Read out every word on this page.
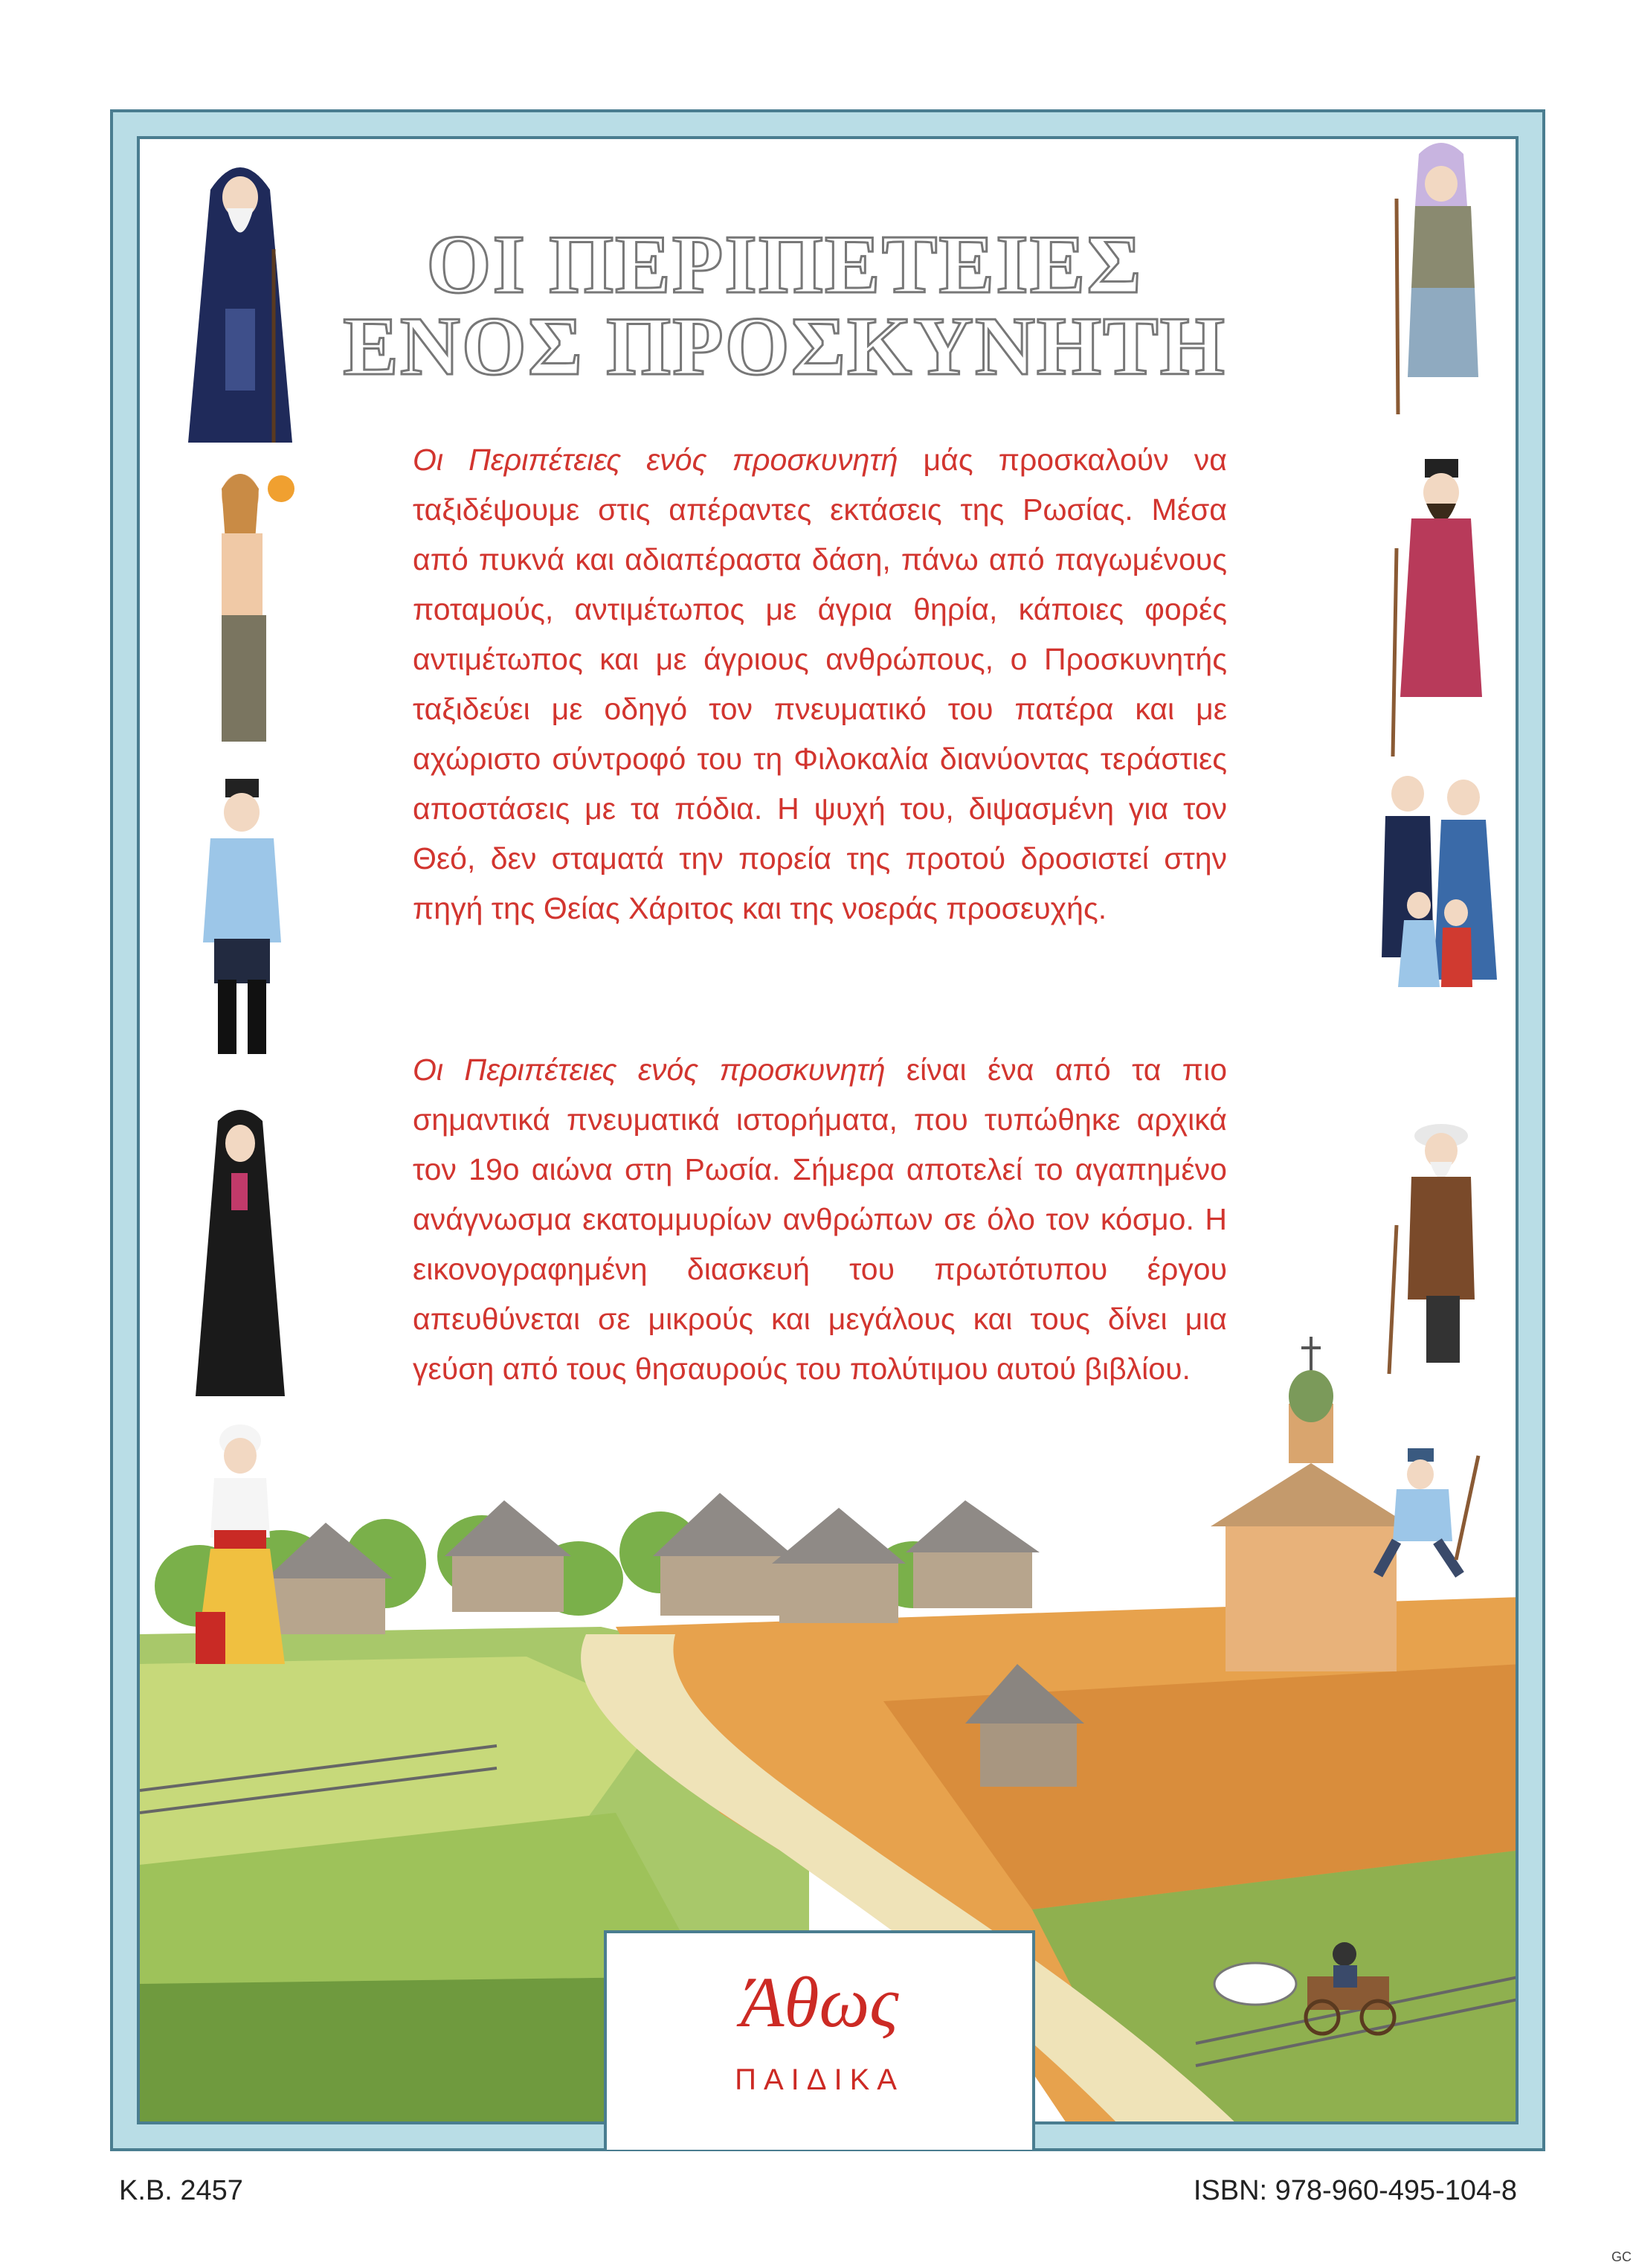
ΟΙ ΠΕΡΙΠΕΤΕΙΕΣ
ΕΝΟΣ ΠΡΟΣΚΥΝΗΤΗ

Οι Περιπέτειες ενός προσκυνητή μάς προσκαλούν να ταξιδέψουμε στις απέραντες εκτάσεις της Ρωσίας. Μέσα από πυκνά και αδιαπέραστα δάση, πάνω από παγωμένους ποταμούς, αντιμέτωπος με άγρια θηρία, κάποιες φορές αντιμέτωπος και με άγριους ανθρώπους, ο Προσκυνητής ταξιδεύει με οδηγό τον πνευματικό του πατέρα και με αχώριστο σύντροφό του τη Φιλοκαλία διανύοντας τεράστιες αποστάσεις με τα πόδια. Η ψυχή του, διψασμένη για τον Θεό, δεν σταματά την πορεία της προτού δροσιστεί στην πηγή της Θείας Χάριτος και της νοεράς προσευχής.

Οι Περιπέτειες ενός προσκυνητή είναι ένα από τα πιο σημαντικά πνευματικά ιστορήματα, που τυπώθηκε αρχικά τον 19ο αιώνα στη Ρωσία. Σήμερα αποτελεί το αγαπημένο ανάγνωσμα εκατομμυρίων ανθρώπων σε όλο τον κόσμο. Η εικονογραφημένη διασκευή του πρωτότυπου έργου απευθύνεται σε μικρούς και μεγάλους και τους δίνει μια γεύση από τους θησαυρούς του πολύτιμου αυτού βιβλίου.

Άθως
ΠΑΙΔΙΚΑ

Κ.Β. 2457	ISBN: 978-960-495-104-8

GC
